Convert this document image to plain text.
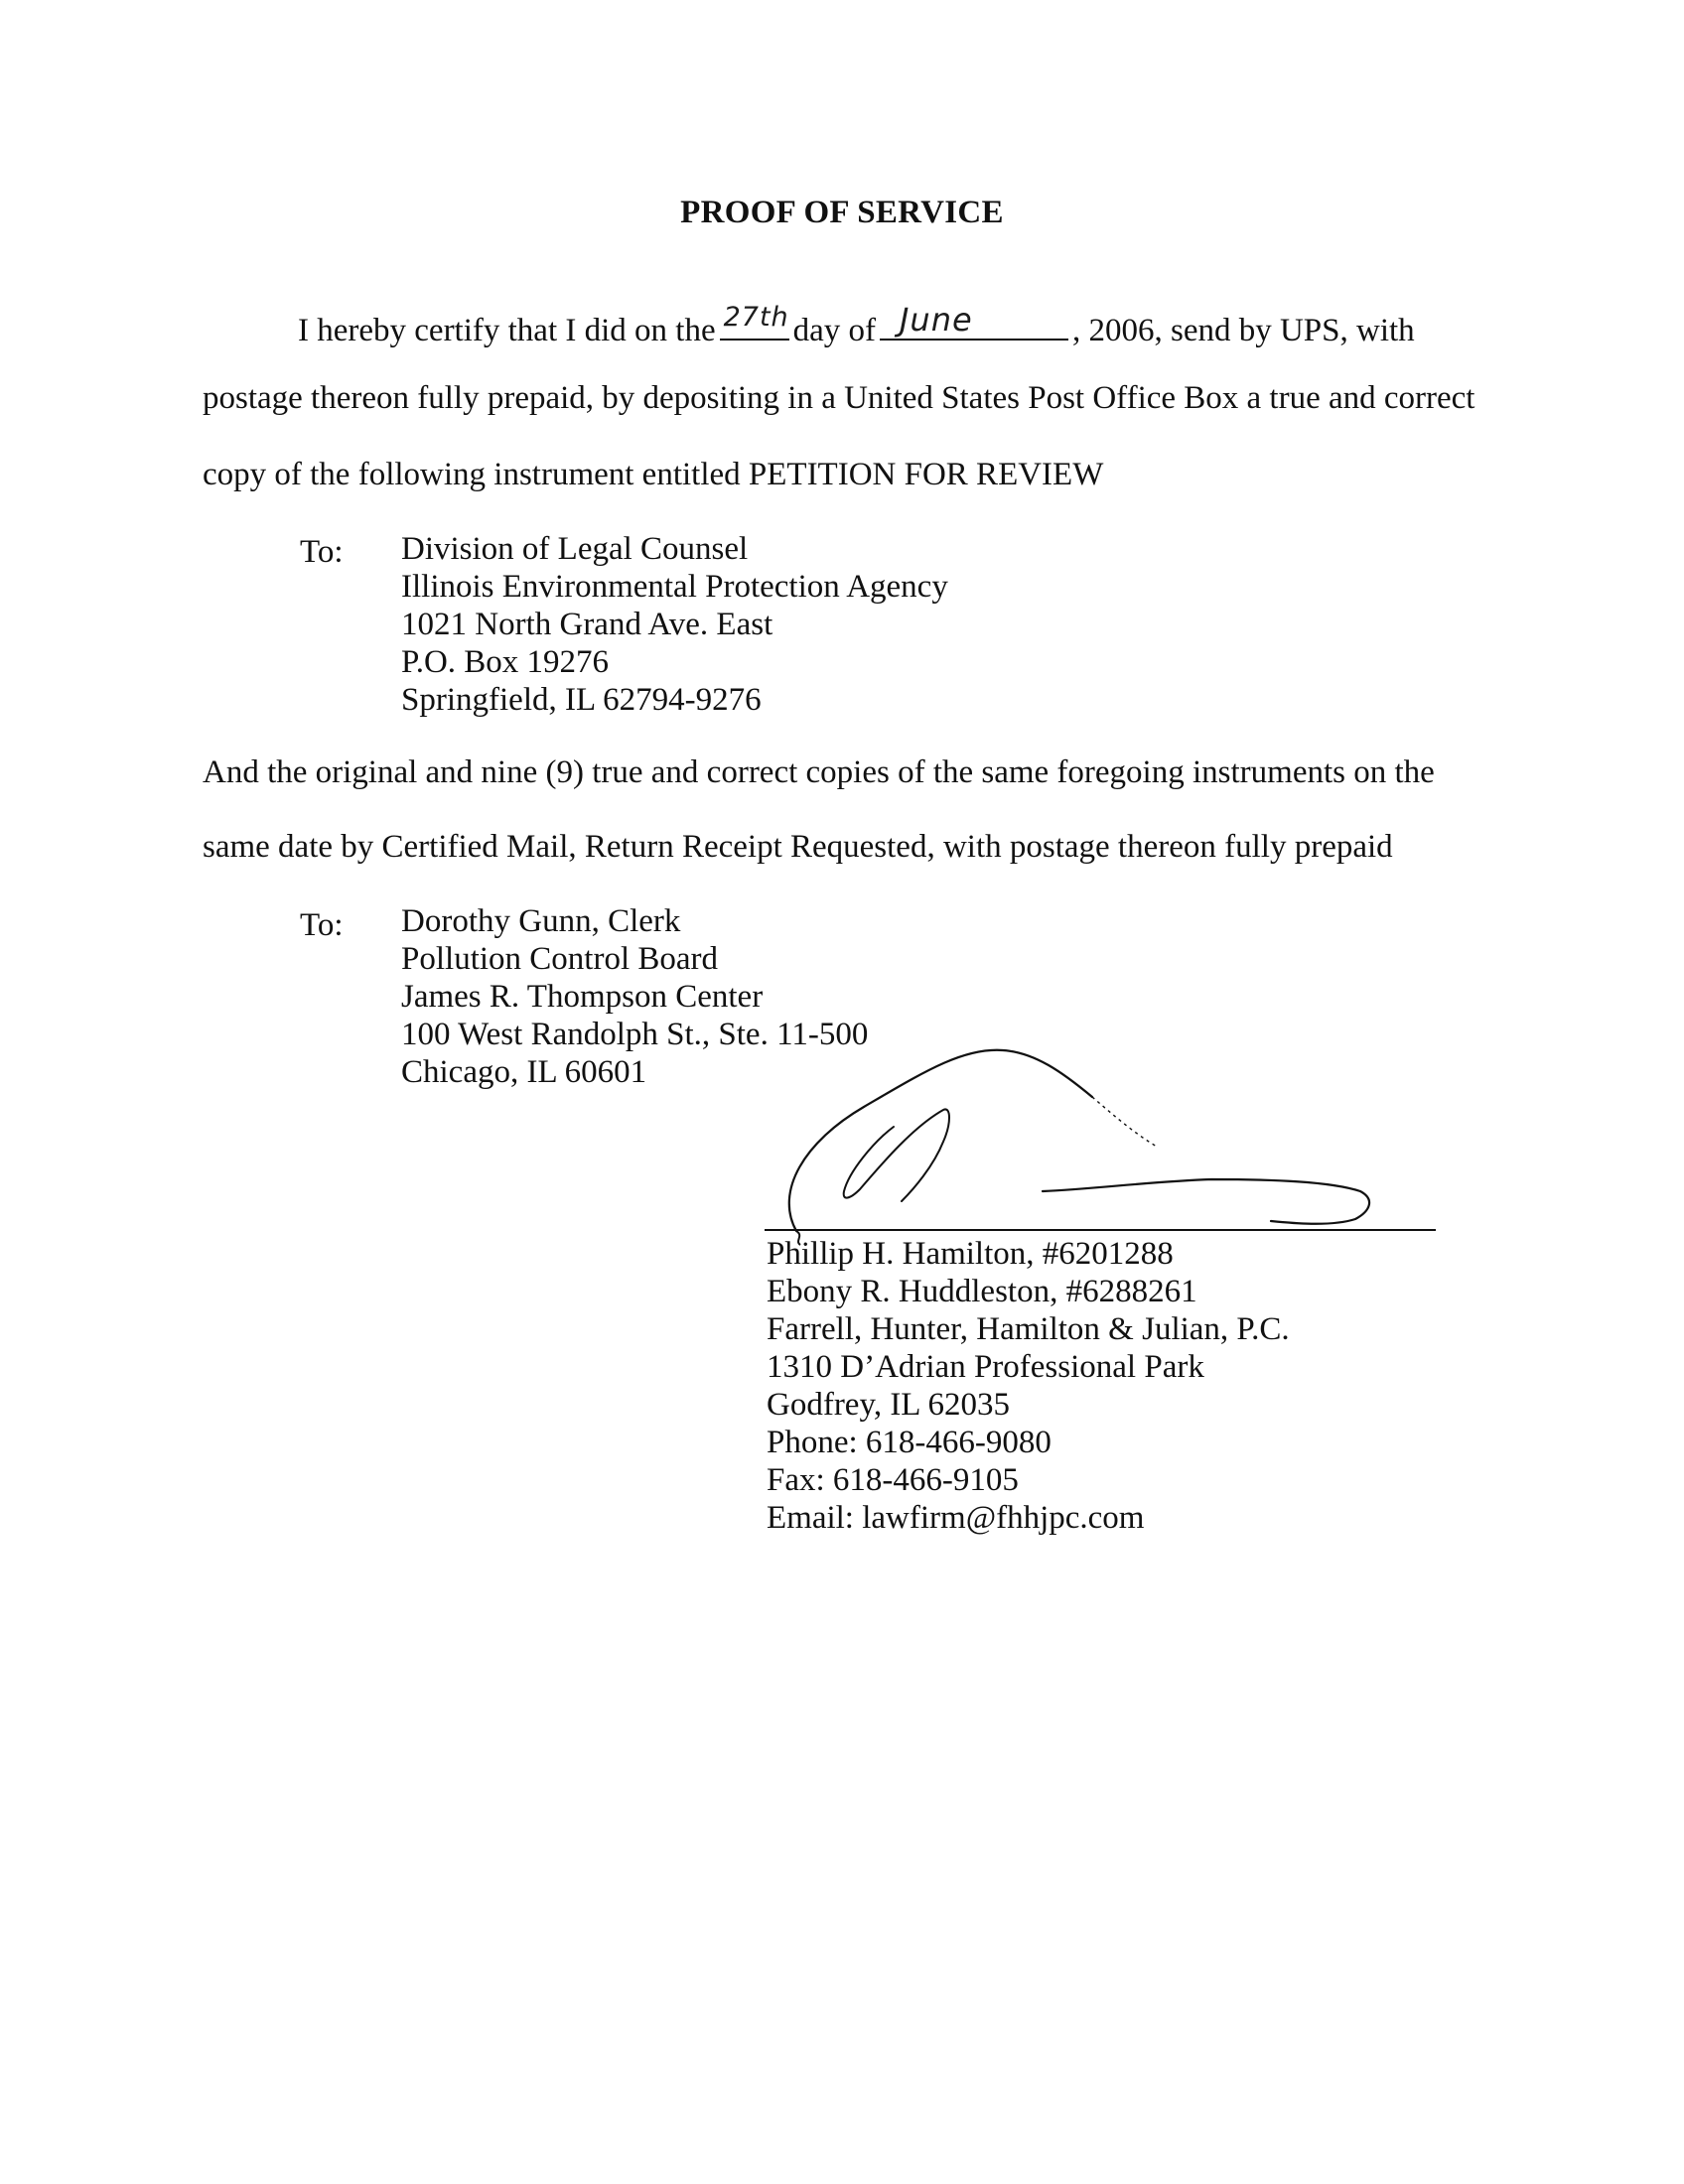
PROOF OF SERVICE
I hereby certify that I did on the 27th day of June	, 2006, send by UPS, with
postage thereon fully prepaid, by depositing in a United States Post Office Box a true and correct
copy of the following instrument entitled PETITION FOR REVIEW
To: Division of Legal Counsel
Illinois Environmental Protection Agency
1021 North Grand Ave. East
P.O. Box 19276
Springfield, IL 62794-9276
And the original and nine (9) true and correct copies of the same foregoing instruments on the
same date by Certified Mail, Return Receipt Requested, with postage thereon fully prepaid
To: Dorothy Gunn, Clerk
Pollution Control Board
James R. Thompson Center
100 West Randolph St., Ste. 11-500
Chicago, IL 60601
Phillip H. Hamilton, #6201288
Ebony R. Huddleston, #6288261
Farrell, Hunter, Hamilton & Julian, P.C.
1310 D’Adrian Professional Park
Godfrey, IL 62035
Phone: 618-466-9080
Fax: 618-466-9105
Email: lawfirm@fhhjpc.com
